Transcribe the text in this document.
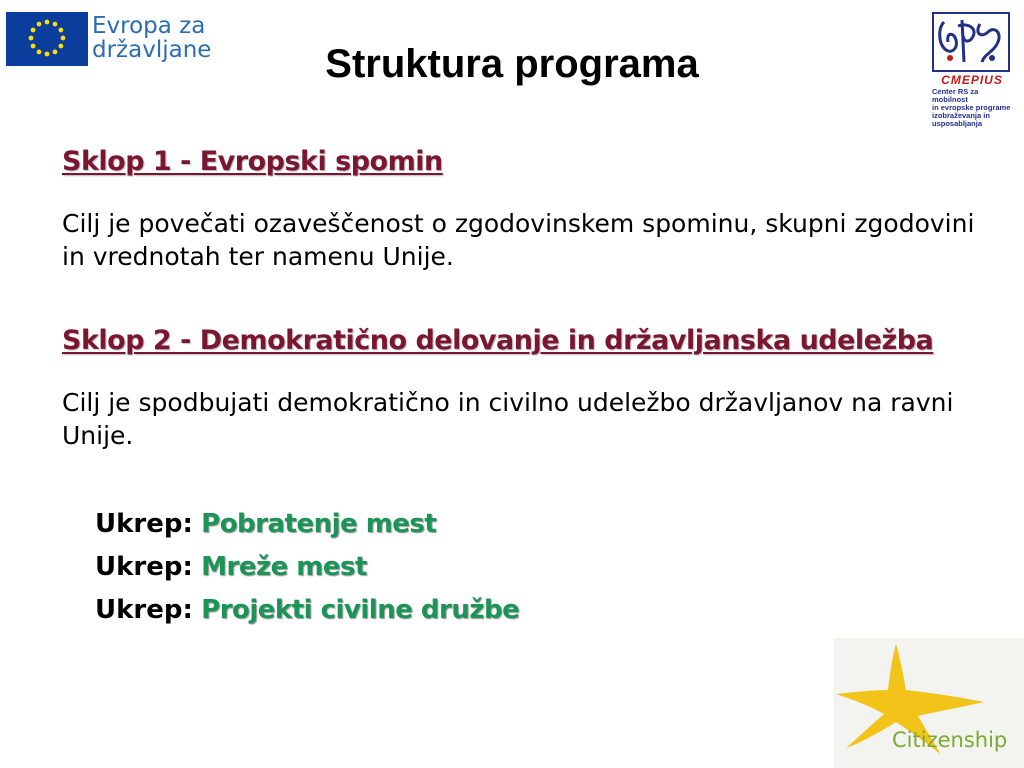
Evropa za
državljane
CMEPIUS
Center RS za mobilnost
in evropske programe
izobraževanja in
usposabljanja
Struktura programa
Sklop 1 - Evropski spomin
Cilj je povečati ozaveščenost o zgodovinskem spominu, skupni zgodovini in vrednotah ter namenu Unije.
Sklop 2 - Demokratično delovanje in državljanska udeležba
Cilj je spodbujati demokratično in civilno udeležbo državljanov na ravni Unije.
Ukrep: Pobratenje mest
Ukrep: Mreže mest
Ukrep: Projekti civilne družbe
Citizenship
